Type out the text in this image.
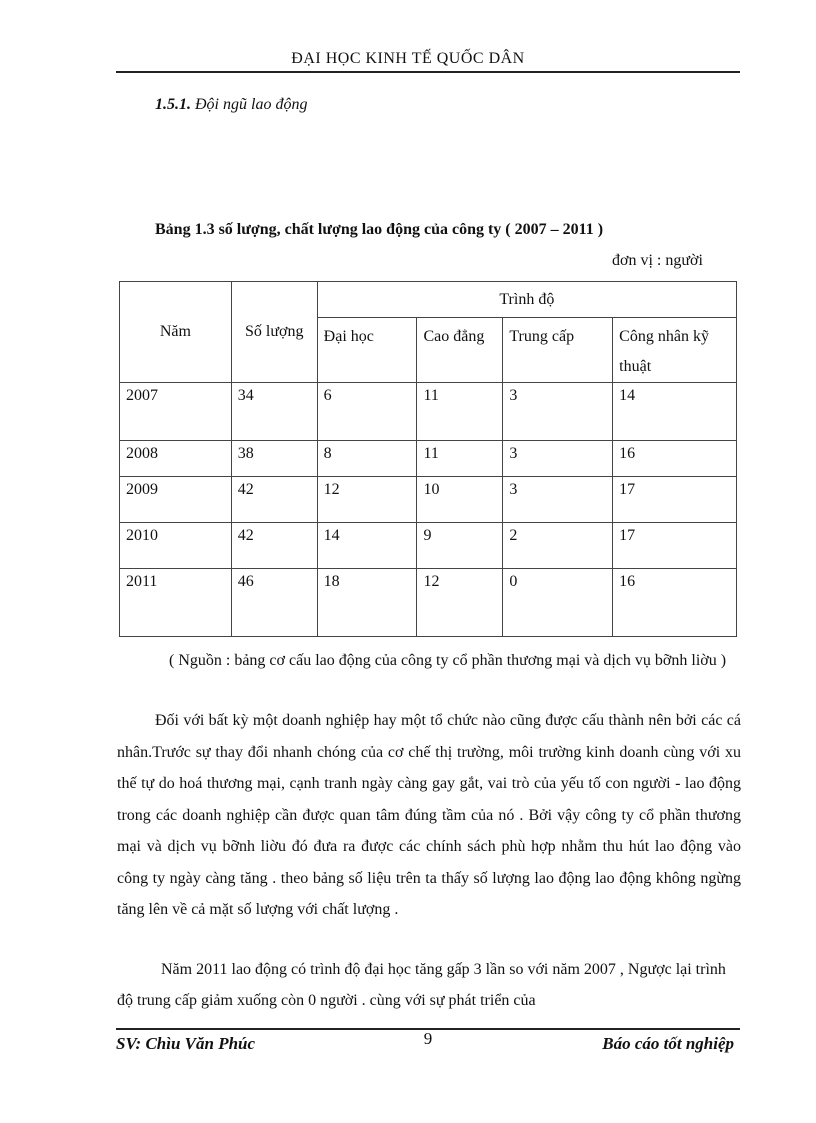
ĐẠI HỌC KINH TẾ QUỐC DÂN
1.5.1. Đội ngũ lao động
Bảng 1.3 số lượng, chất lượng lao động của công ty ( 2007 – 2011 )
đơn vị : người
Năm	Số lượng	Trình độ			
		Đại học	Cao đẳng	Trung cấp	Công nhân kỹ thuật
2007	34	6	11	3	14
2008	38	8	11	3	16
2009	42	12	10	3	17
2010	42	14	9	2	17
2011	46	18	12	0	16
( Nguồn : bảng cơ cấu lao động của công ty cổ phần thương mại và dịch vụ bỡnh liờu )
Đối với bất kỳ một doanh nghiệp hay một tổ chức nào cũng được cấu thành nên bởi các cá nhân.Trước sự thay đổi nhanh chóng của cơ chế thị trường, môi trường kinh doanh cùng với xu thế tự do hoá thương mại, cạnh tranh ngày càng gay gắt, vai trò của yếu tố con người - lao động trong các doanh nghiệp cần được quan tâm đúng tầm của nó . Bởi vậy công ty cổ phần thương mại và dịch vụ bỡnh liờu đó đưa ra được các chính sách phù hợp nhằm thu hút lao động vào công ty ngày càng tăng . theo bảng số liệu trên ta thấy số lượng lao động lao động không ngừng tăng lên về cả mặt số lượng với chất lượng .
Năm 2011 lao động có trình độ đại học tăng gấp 3 lần so với năm 2007 , Ngược lại trình độ trung cấp giảm xuống còn 0 người . cùng với sự phát triển của
SV: Chìu Văn Phúc	9	Báo cáo tốt nghiệp
